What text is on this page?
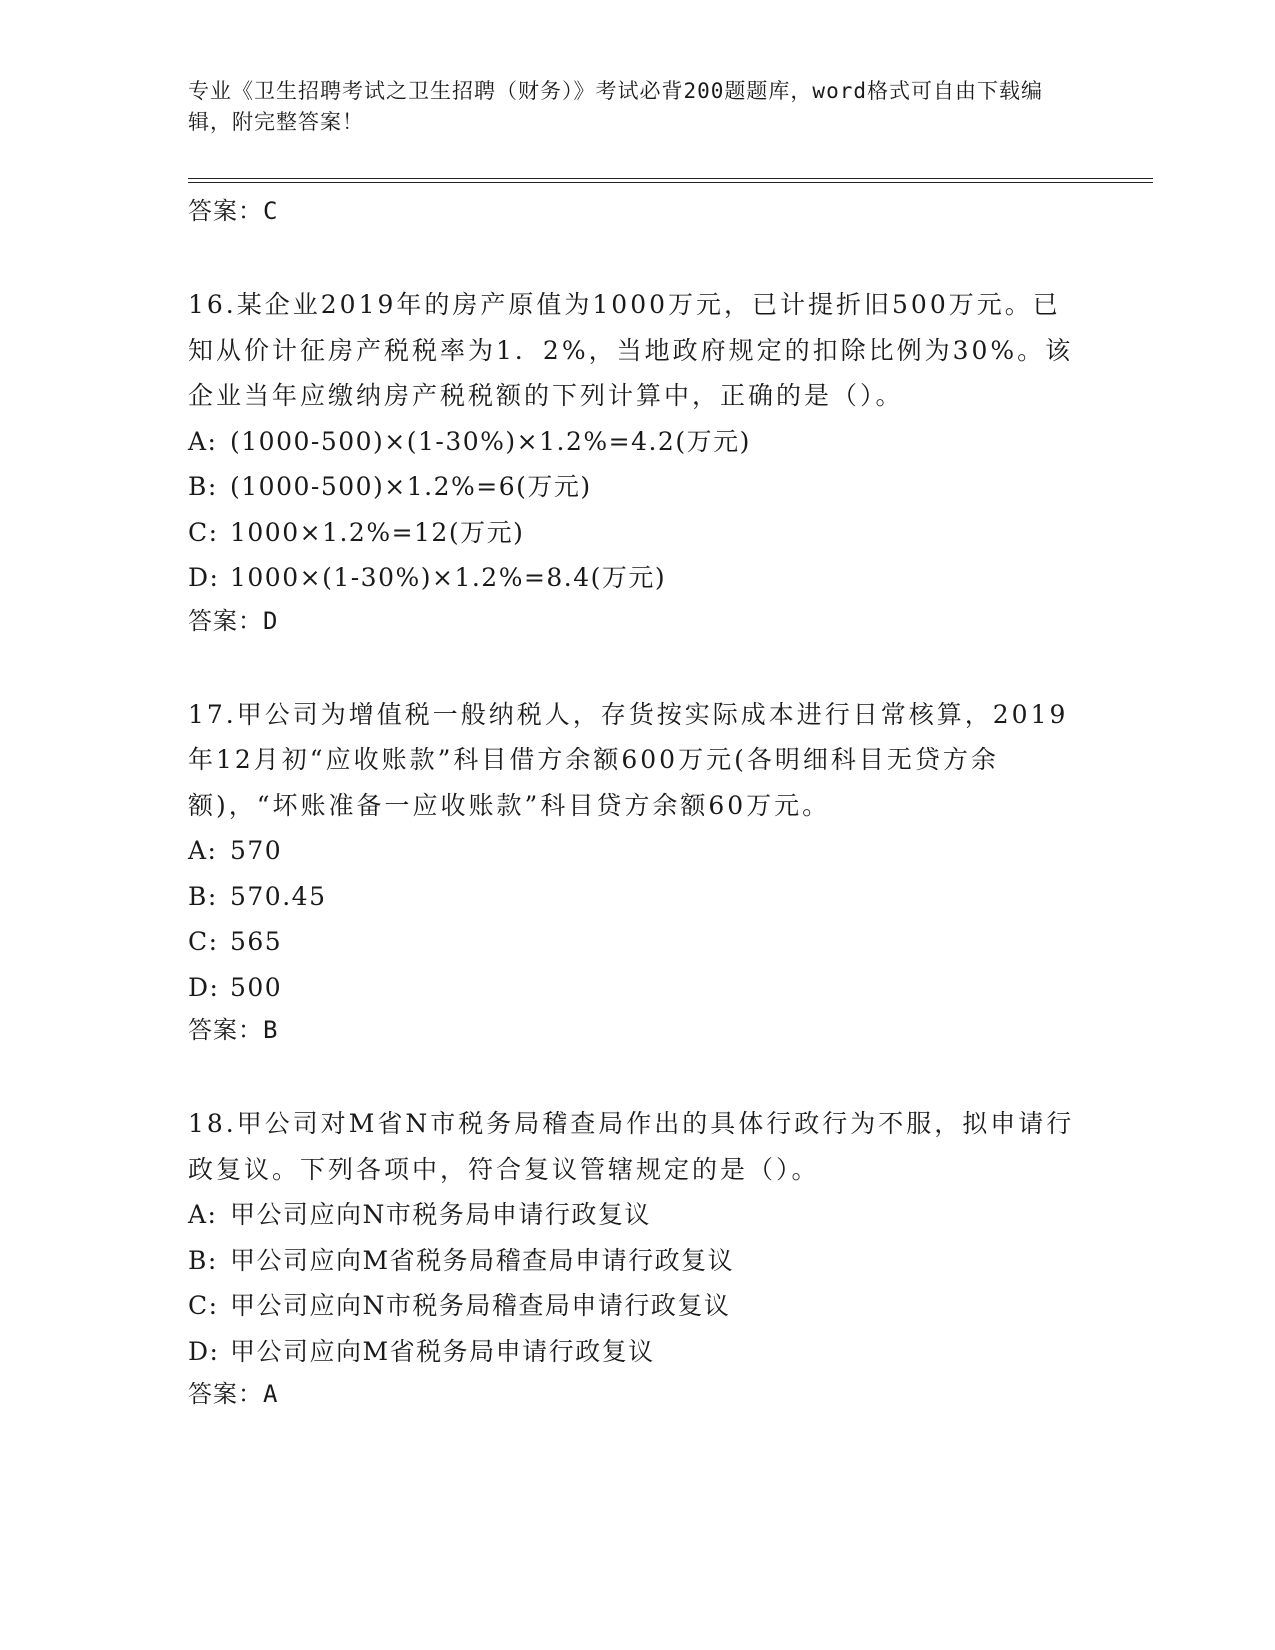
专业《卫生招聘考试之卫生招聘（财务）》考试必背200题题库，word格式可自由下载编辑，附完整答案！

答案：C

16.某企业2019年的房产原值为1000万元，已计提折旧500万元。已知从价计征房产税税率为1．2%，当地政府规定的扣除比例为30%。该企业当年应缴纳房产税税额的下列计算中，正确的是（）。

A: (1000-500)×(1-30%)×1.2%=4.2(万元)

B: (1000-500)×1.2%=6(万元)

C: 1000×1.2%=12(万元)

D: 1000×(1-30%)×1.2%=8.4(万元)

答案：D

17.甲公司为增值税一般纳税人，存货按实际成本进行日常核算，2019年12月初“应收账款”科目借方余额600万元(各明细科目无贷方余额)，“坏账准备一应收账款”科目贷方余额60万元。

A: 570

B: 570.45

C: 565

D: 500

答案：B

18.甲公司对M省N市税务局稽查局作出的具体行政行为不服，拟申请行政复议。下列各项中，符合复议管辖规定的是（）。

A: 甲公司应向N市税务局申请行政复议

B: 甲公司应向M省税务局稽查局申请行政复议

C: 甲公司应向N市税务局稽查局申请行政复议

D: 甲公司应向M省税务局申请行政复议

答案：A
